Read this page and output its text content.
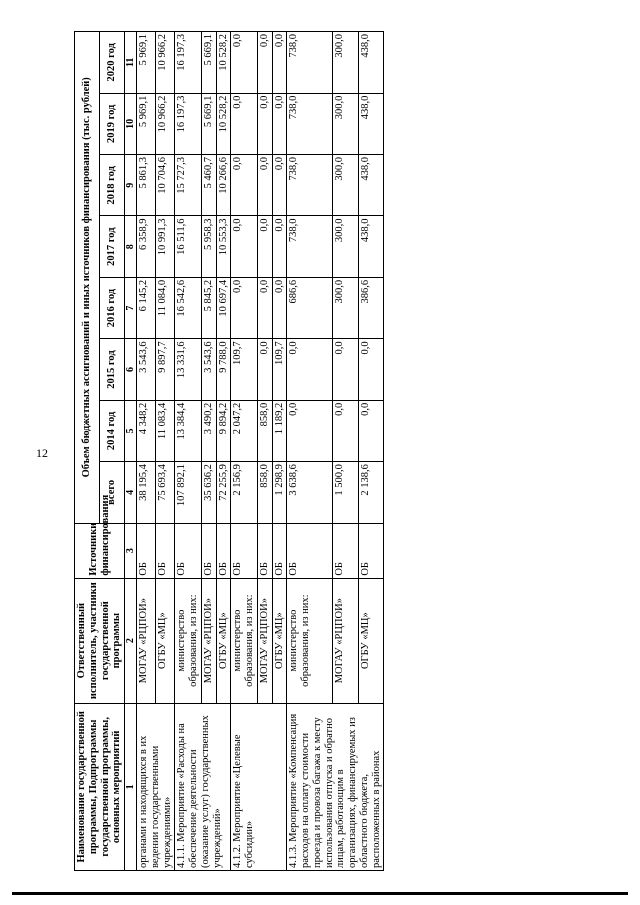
12
Наименование государственной программы, Подпрограммы государственной программы, основных мероприятий	Ответственный исполнитель, участники государственной программы	Источники финансирования	Объем бюджетных ассигнований и иных источников финансирования (тыс. рублей)							
			всего	2014 год	2015 год	2016 год	2017 год	2018 год	2019 год	2020 год
1	2	3	4	5	6	7	8	9	10	11
органами и находящихся в их ведении государственными учреждениями»	МОГАУ «РЦПОИ»	ОБ	38 195,4	4 348,2	3 543,6	6 145,2	6 358,9	5 861,3	5 969,1	5 969,1
	ОГБУ «МЦ»	ОБ	75 693,4	11 083,4	9 897,7	11 084,0	10 991,3	10 704,6	10 966,2	10 966,2
4.1.1. Мероприятие «Расходы на обеспечение деятельности (оказание услуг) государственных учреждений»	министерство образования, из них:	ОБ	107 892,1	13 384,4	13 331,6	16 542,6	16 511,6	15 727,3	16 197,3	16 197,3
	МОГАУ «РЦПОИ»	ОБ	35 636,2	3 490,2	3 543,6	5 845,2	5 958,3	5 460,7	5 669,1	5 669,1
	ОГБУ «МЦ»	ОБ	72 255,9	9 894,2	9 788,0	10 697,4	10 553,3	10 266,6	10 528,2	10 528,2
4.1.2. Мероприятие «Целевые субсидии»	министерство образования, из них:	ОБ	2 156,9	2 047,2	109,7	0,0	0,0	0,0	0,0	0,0
	МОГАУ «РЦПОИ»	ОБ	858,0	858,0	0,0	0,0	0,0	0,0	0,0	0,0
	ОГБУ «МЦ»	ОБ	1 298,9	1 189,2	109,7	0,0	0,0	0,0	0,0	0,0
4.1.3. Мероприятие «Компенсация расходов на оплату стоимости проезда и провоза багажа к месту использования отпуска и обратно лицам, работающим в организациях, финансируемых из областного бюджета, расположенных в районах	министерство образования, из них:	ОБ	3 638,6	0,0	0,0	686,6	738,0	738,0	738,0	738,0
	МОГАУ «РЦПОИ»	ОБ	1 500,0	0,0	0,0	300,0	300,0	300,0	300,0	300,0
	ОГБУ «МЦ»	ОБ	2 138,6	0,0	0,0	386,6	438,0	438,0	438,0	438,0
